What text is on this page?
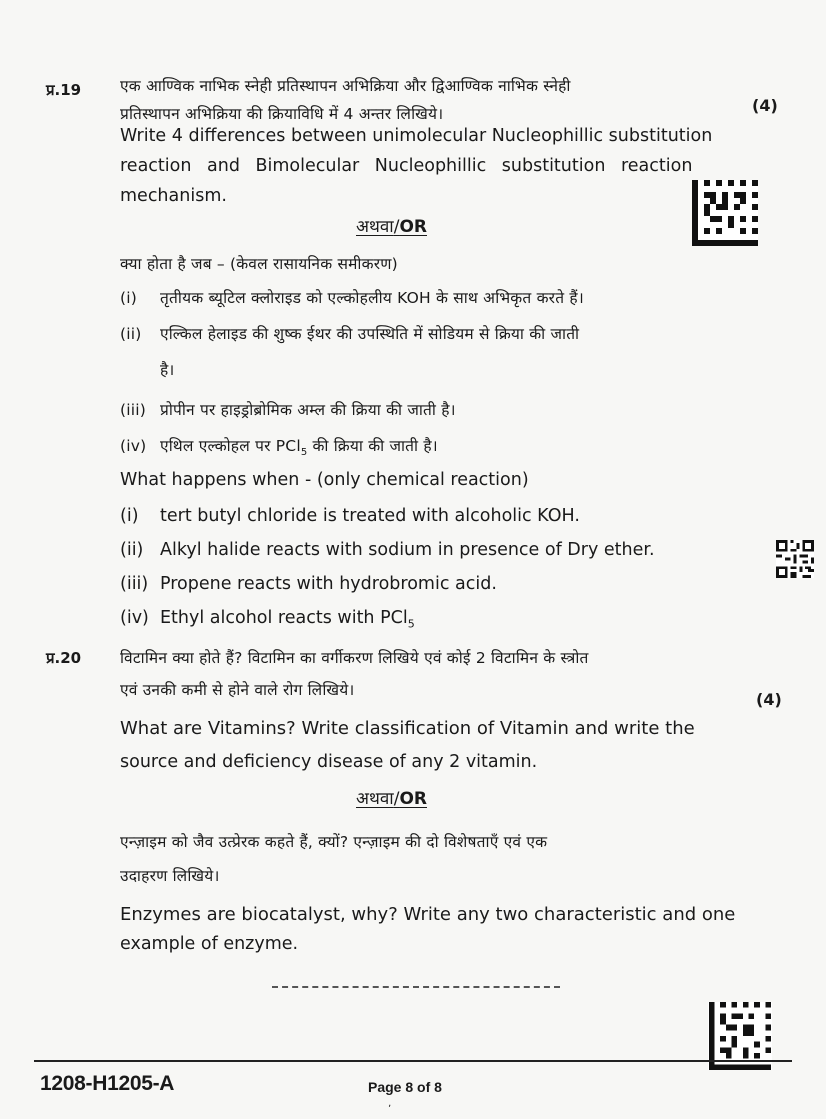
प्र.19	एक आण्विक नाभिक स्नेही प्रतिस्थापन अभिक्रिया और द्विआण्विक नाभिक स्नेही
प्रतिस्थापन अभिक्रिया की क्रियाविधि में 4 अन्तर लिखिये।	(4)
Write 4 differences between unimolecular Nucleophillic substitution
reaction and Bimolecular Nucleophillic substitution reaction
mechanism.
अथवा/OR
क्या होता है जब – (केवल रासायनिक समीकरण)
(i) तृतीयक ब्यूटिल क्लोराइड को एल्कोहलीय KOH के साथ अभिकृत करते हैं।
(ii) एल्किल हेलाइड की शुष्क ईथर की उपस्थिति में सोडियम से क्रिया की जाती
है।
(iii) प्रोपीन पर हाइड्रोब्रोमिक अम्ल की क्रिया की जाती है।
(iv) एथिल एल्कोहल पर PCl$_5$ की क्रिया की जाती है।
What happens when - (only chemical reaction)
(i) tert butyl chloride is treated with alcoholic KOH.
(ii) Alkyl halide reacts with sodium in presence of Dry ether.
(iii) Propene reacts with hydrobromic acid.
(iv) Ethyl alcohol reacts with PCl$_5$
प्र.20	विटामिन क्या होते हैं? विटामिन का वर्गीकरण लिखिये एवं कोई 2 विटामिन के स्त्रोत
एवं उनकी कमी से होने वाले रोग लिखिये।	(4)
What are Vitamins? Write classification of Vitamin and write the
source and deficiency disease of any 2 vitamin.
अथवा/OR
एन्ज़ाइम को जैव उत्प्रेरक कहते हैं, क्यों? एन्ज़ाइम की दो विशेषताएँ एवं एक
उदाहरण लिखिये।
Enzymes are biocatalyst, why? Write any two characteristic and one
example of enzyme.
1208-H1205-A	Page 8 of 8
ʼ
